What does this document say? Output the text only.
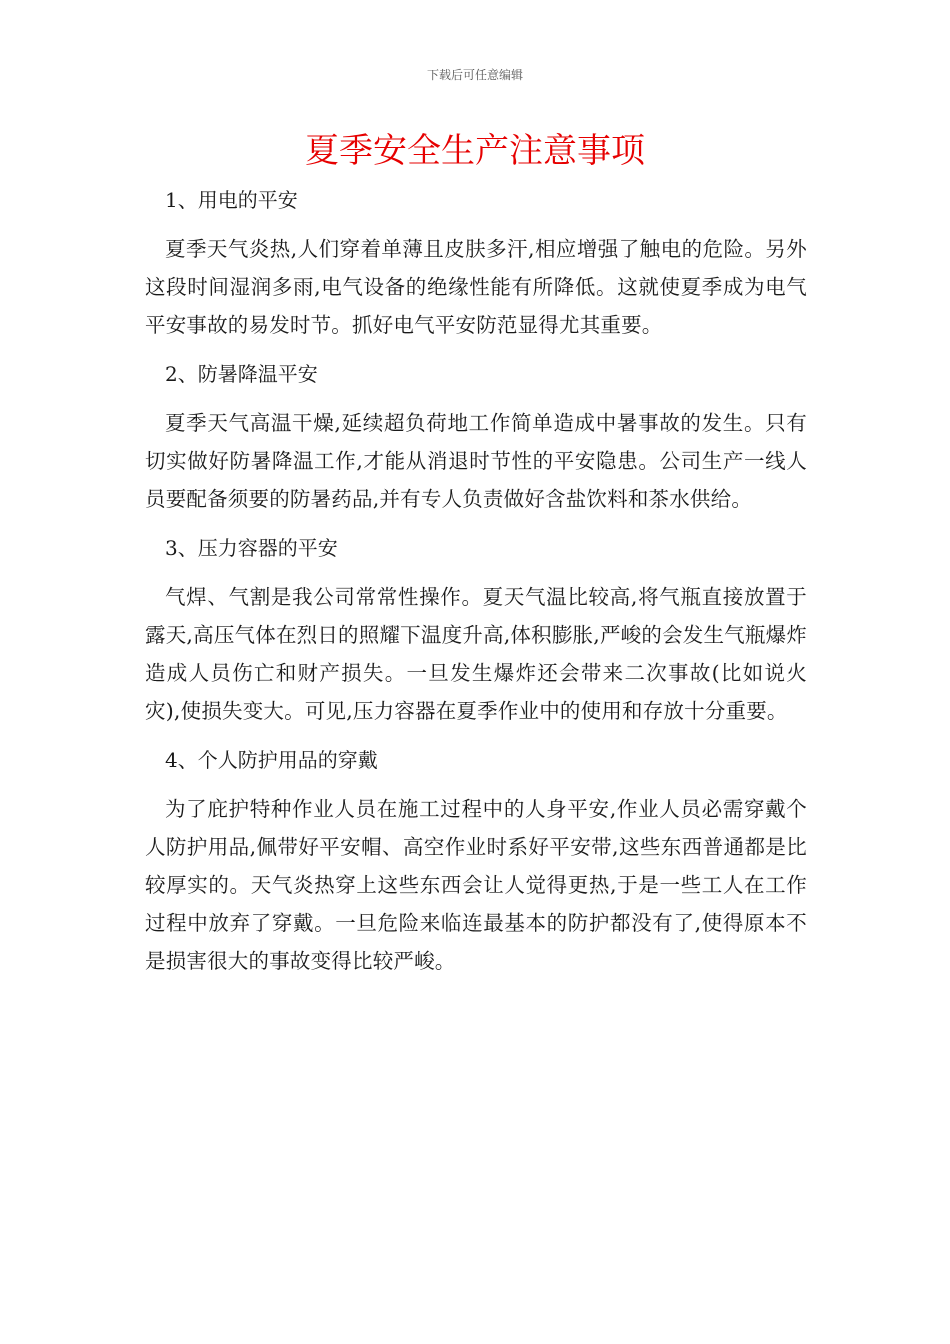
下载后可任意编辑
夏季安全生产注意事项

1、用电的平安

夏季天气炎热,人们穿着单薄且皮肤多汗,相应增强了触电的危险。另外这段时间湿润多雨,电气设备的绝缘性能有所降低。这就使夏季成为电气平安事故的易发时节。抓好电气平安防范显得尤其重要。

2、防暑降温平安

夏季天气高温干燥,延续超负荷地工作简单造成中暑事故的发生。只有切实做好防暑降温工作,才能从消退时节性的平安隐患。公司生产一线人员要配备须要的防暑药品,并有专人负责做好含盐饮料和茶水供给。

3、压力容器的平安

气焊、气割是我公司常常性操作。夏天气温比较高,将气瓶直接放置于露天,高压气体在烈日的照耀下温度升高,体积膨胀,严峻的会发生气瓶爆炸造成人员伤亡和财产损失。一旦发生爆炸还会带来二次事故(比如说火灾),使损失变大。可见,压力容器在夏季作业中的使用和存放十分重要。

4、个人防护用品的穿戴

为了庇护特种作业人员在施工过程中的人身平安,作业人员必需穿戴个人防护用品,佩带好平安帽、高空作业时系好平安带,这些东西普通都是比较厚实的。天气炎热穿上这些东西会让人觉得更热,于是一些工人在工作过程中放弃了穿戴。一旦危险来临连最基本的防护都没有了,使得原本不是损害很大的事故变得比较严峻。
